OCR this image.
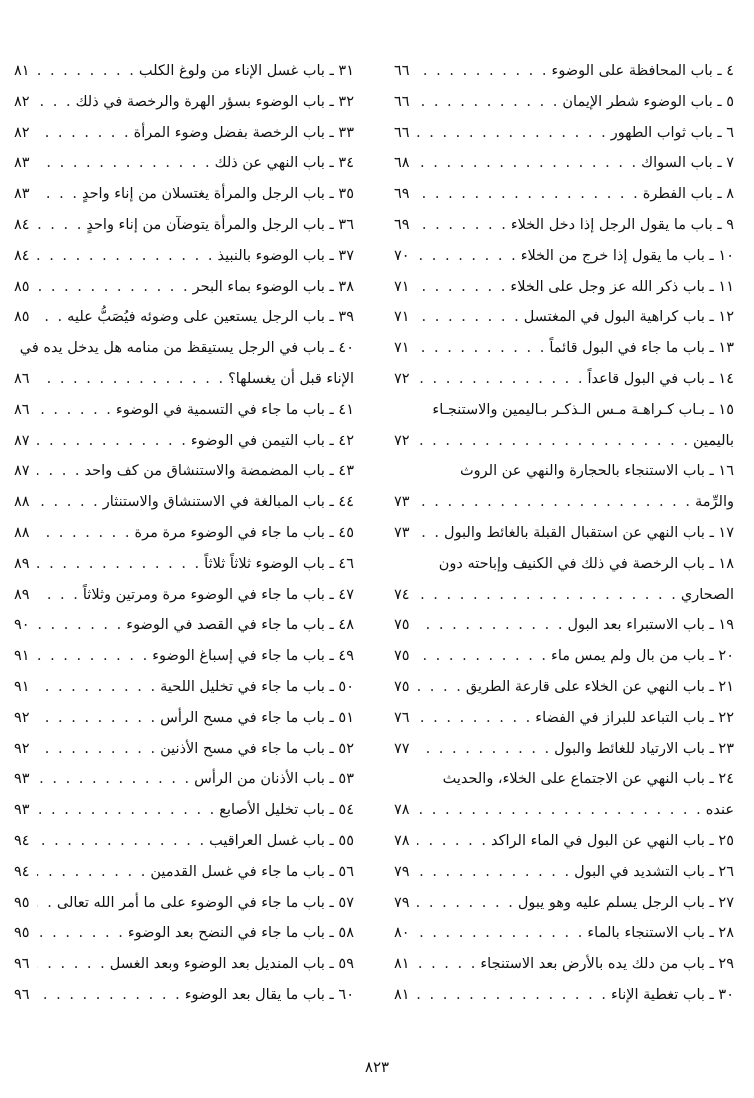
٤ ـ باب المحافظة على الوضوء
. . .
٦٦
٥ ـ باب الوضوء شطر الإيمان
. . .
٦٦
٦ ـ باب ثواب الطهور
. . .
٦٦
٧ ـ باب السواك
. . .
٦٨
٨ ـ باب الفطرة
. . .
٦٩
٩ ـ باب ما يقول الرجل إذا دخل الخلاء
. . .
٦٩
١٠ ـ باب ما يقول إذا خرج من الخلاء
. . .
٧٠
١١ ـ باب ذكر الله عز وجل على الخلاء
. . .
٧١
١٢ ـ باب كراهية البول في المغتسل
. . .
٧١
١٣ ـ باب ما جاء في البول قائماً
. . .
٧١
١٤ ـ باب في البول قاعداً
. . .
٧٢
١٥ ـ بـاب كـراهـة مـس الـذكـر بـاليمين والاستنجـاء
باليمين
. . .
٧٢
١٦ ـ باب الاستنجاء بالحجارة والنهي عن الروث
والرِّمة
. . .
٧٣
١٧ ـ باب النهي عن استقبال القبلة بالغائط والبول
. . .
٧٣
١٨ ـ باب الرخصة في ذلك في الكنيف وإباحته دون
الصحاري
. . .
٧٤
١٩ ـ باب الاستبراء بعد البول
. . .
٧٥
٢٠ ـ باب من بال ولم يمس ماء
. . .
٧٥
٢١ ـ باب النهي عن الخلاء على قارعة الطريق
. . .
٧٥
٢٢ ـ باب التباعد للبراز في الفضاء
. . .
٧٦
٢٣ ـ باب الارتياد للغائط والبول
. . .
٧٧
٢٤ ـ باب النهي عن الاجتماع على الخلاء، والحديث
عنده
. . .
٧٨
٢٥ ـ باب النهي عن البول في الماء الراكد
. . .
٧٨
٢٦ ـ باب التشديد في البول
. . .
٧٩
٢٧ ـ باب الرجل يسلم عليه وهو يبول
. . .
٧٩
٢٨ ـ باب الاستنجاء بالماء
. . .
٨٠
٢٩ ـ باب من دلك يده بالأرض بعد الاستنجاء
. . .
٨١
٣٠ ـ باب تغطية الإناء
. . .
٨١
٣١ ـ باب غسل الإناء من ولوغ الكلب
. . .
٨١
٣٢ ـ باب الوضوء بسؤر الهرة والرخصة في ذلك
. . .
٨٢
٣٣ ـ باب الرخصة بفضل وضوء المرأة
. . .
٨٢
٣٤ ـ باب النهي عن ذلك
. . .
٨٣
٣٥ ـ باب الرجل والمرأة يغتسلان من إناء واحدٍ
. . .
٨٣
٣٦ ـ باب الرجل والمرأة يتوضآن من إناء واحدٍ
. . .
٨٤
٣٧ ـ باب الوضوء بالنبيذ
. . .
٨٤
٣٨ ـ باب الوضوء بماء البحر
. . .
٨٥
٣٩ ـ باب الرجل يستعين على وضوئه فيُصَبُّ عليه
. . .
٨٥
٤٠ ـ باب في الرجل يستيقظ من منامه هل يدخل يده في
الإناء قبل أن يغسلها؟
. . .
٨٦
٤١ ـ باب ما جاء في التسمية في الوضوء
. . .
٨٦
٤٢ ـ باب التيمن في الوضوء
. . .
٨٧
٤٣ ـ باب المضمضة والاستنشاق من كف واحد
. . .
٨٧
٤٤ ـ باب المبالغة في الاستنشاق والاستنثار
. . .
٨٨
٤٥ ـ باب ما جاء في الوضوء مرة مرة
. . .
٨٨
٤٦ ـ باب الوضوء ثلاثاً ثلاثاً
. . .
٨٩
٤٧ ـ باب ما جاء في الوضوء مرة ومرتين وثلاثاً
. . .
٨٩
٤٨ ـ باب ما جاء في القصد في الوضوء
. . .
٩٠
٤٩ ـ باب ما جاء في إسباغ الوضوء
. . .
٩١
٥٠ ـ باب ما جاء في تخليل اللحية
. . .
٩١
٥١ ـ باب ما جاء في مسح الرأس
. . .
٩٢
٥٢ ـ باب ما جاء في مسح الأذنين
. . .
٩٢
٥٣ ـ باب الأذنان من الرأس
. . .
٩٣
٥٤ ـ باب تخليل الأصابع
. . .
٩٣
٥٥ ـ باب غسل العراقيب
. . .
٩٤
٥٦ ـ باب ما جاء في غسل القدمين
. . .
٩٤
٥٧ ـ باب ما جاء في الوضوء على ما أمر الله تعالى
. . .
٩٥
٥٨ ـ باب ما جاء في النضح بعد الوضوء
. . .
٩٥
٥٩ ـ باب المنديل بعد الوضوء وبعد الغسل
. . .
٩٦
٦٠ ـ باب ما يقال بعد الوضوء
. . .
٩٦
٨٢٣
